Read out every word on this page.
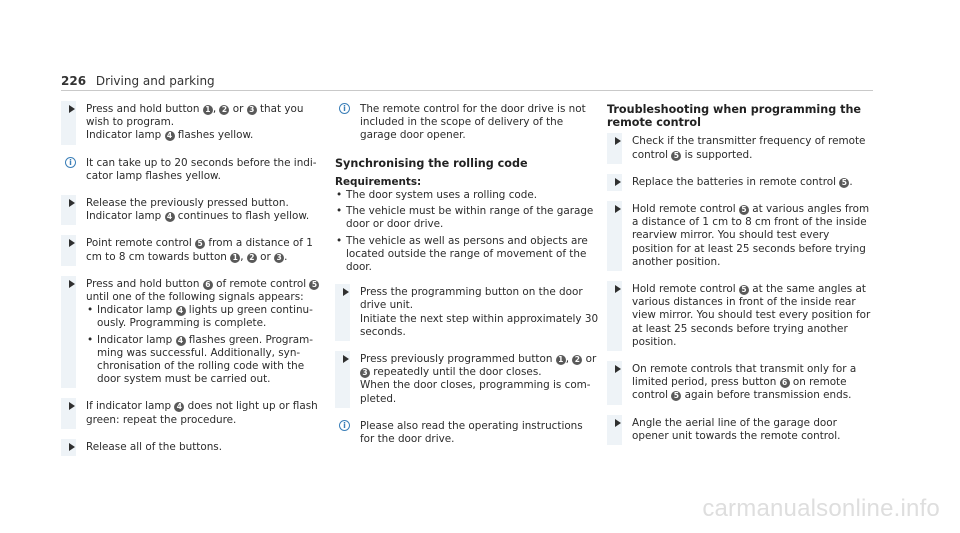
226 Driving and parking

Press and hold button 1 , 2 or 3 that you wish to program.

Indicator lamp 4 flashes yellow.

i	It can take up to 20 seconds before the indi-cator lamp flashes yellow.

Release the previously pressed button.

Indicator lamp 4 continues to flash yellow.

Point remote control 5 from a distance of 1 cm to 8 cm towards button 1 , 2 or 3 .

Press and hold button 6 of remote control 5 until one of the following signals appears:

• Indicator lamp 4 lights up green continu-ously. Programming is complete.
• Indicator lamp 4 flashes green. Program-ming was successful. Additionally, syn-chronisation of the rolling code with the door system must be carried out.

If indicator lamp 4 does not light up or flash green: repeat the procedure.

Release all of the buttons.

i	The remote control for the door drive is not included in the scope of delivery of the garage door opener.

Synchronising the rolling code

Requirements:

• The door system uses a rolling code.
• The vehicle must be within range of the garage door or door drive.
• The vehicle as well as persons and objects are located outside the range of movement of the door.

Press the programming button on the door drive unit.

Initiate the next step within approximately 30 seconds.

Press previously programmed button 1 , 2 or 3 repeatedly until the door closes.

When the door closes, programming is com-pleted.

i	Please also read the operating instructions for the door drive.

Troubleshooting when programming the remote control

Check if the transmitter frequency of remote control 5 is supported.

Replace the batteries in remote control 5 .

Hold remote control 5 at various angles from a distance of 1 cm to 8 cm front of the inside rearview mirror. You should test every position for at least 25 seconds before trying another position.

Hold remote control 5 at the same angles at various distances in front of the inside rear view mirror. You should test every position for at least 25 seconds before trying another position.

On remote controls that transmit only for a limited period, press button 6 on remote control 5 again before transmission ends.

Angle the aerial line of the garage door opener unit towards the remote control.

carmanualsonline.info
